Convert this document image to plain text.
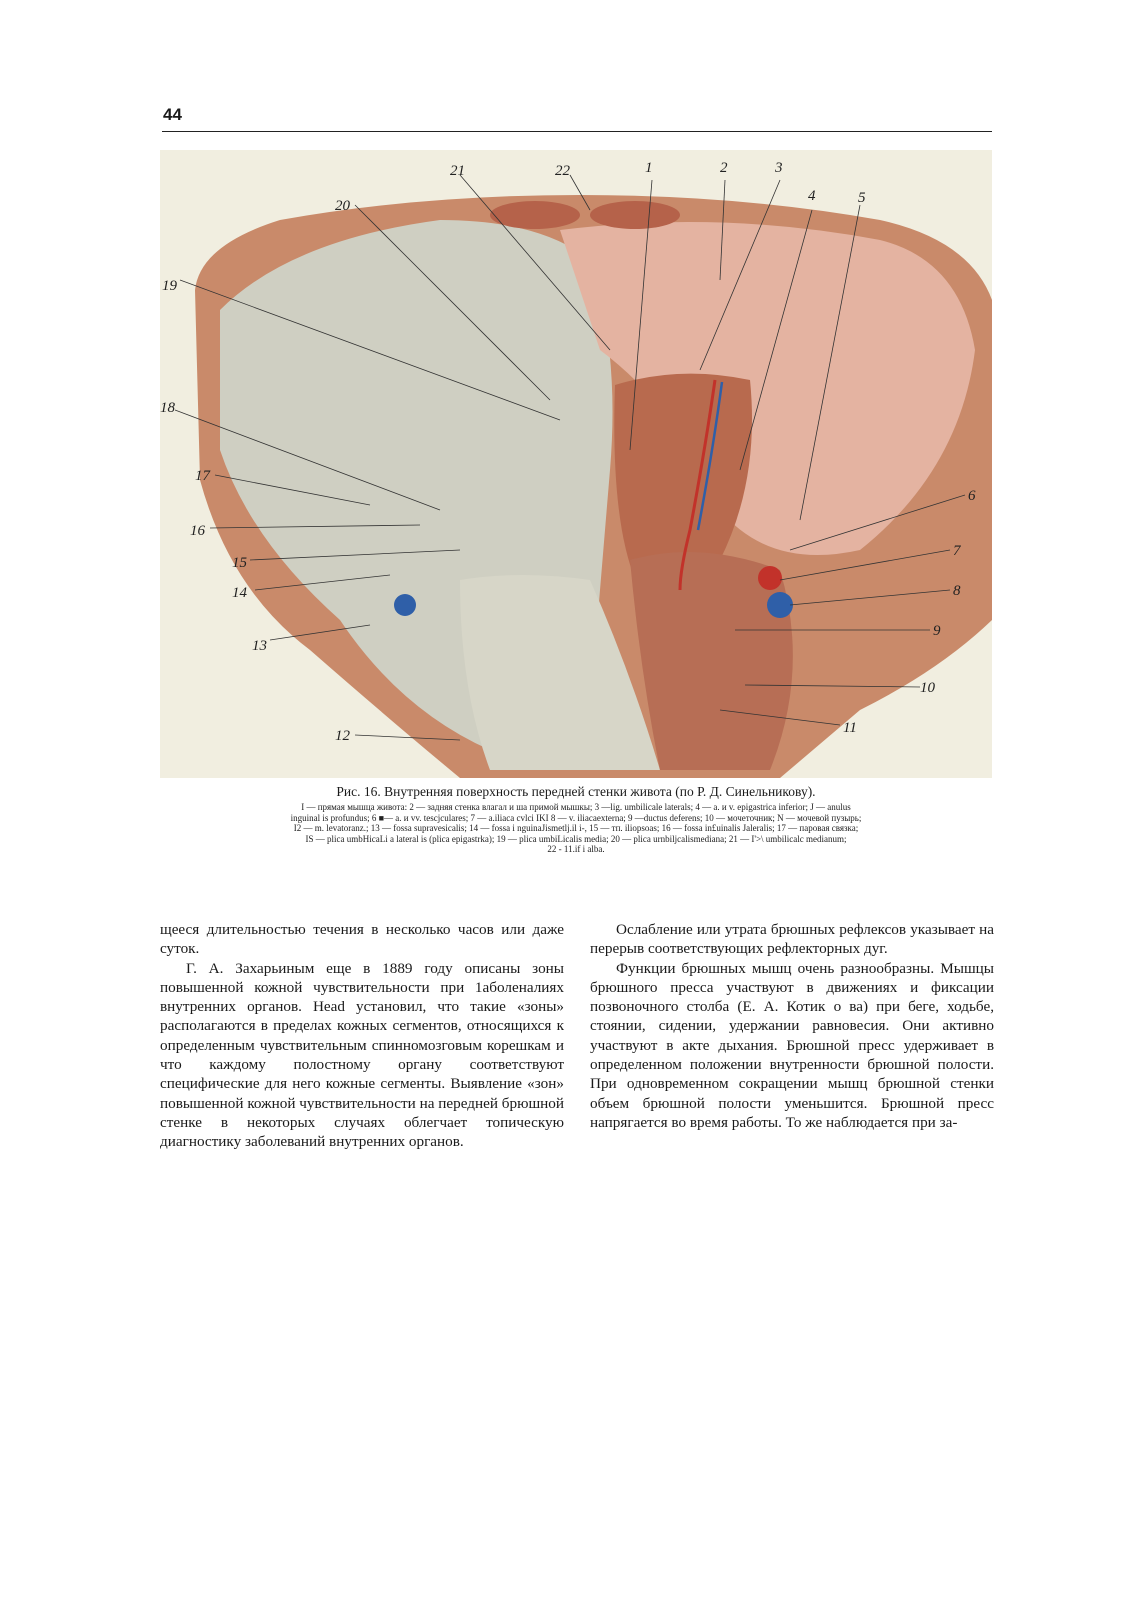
44
1	2	3
4	5
6
7
8
9
10
11
12
13
14
15
16
17
18
19
20
21	22

Рис. 16. Внутренняя поверхность передней стенки живота (по Р. Д. Синельникову).

I — прямая мышца живота: 2 — задняя стенка влагал и ша примой мышкы; 3 —lig. umbilicale laterals; 4 — a. и v. epigastrica inferior; J — anulus

inguinal is profundus; 6 ■— a. и vv. tescjculares; 7 — a.iliaca cvlci IKI 8 — v. iliacaexterna; 9 —ductus deferens; 10 — мочеточник; N — мочевой пузырь;

I2 — m. levatoranz.; 13 — fossa supravesicalis; 14 — fossa i nguinaJismetlj.il i-, 15 — тп. iliopsoas; 16 — fossa in£uinalis Jaleralis; 17 — паровая связка;

IS — plica umbHicaLi a lateral is (plica epigastrka); 19 — plica umbiLicalis media; 20 — plica urnbiljcalismediana; 21 — I'>\ umbilicalc medianum;

22 - 11.if i alba.

щееся длительностью течения в несколько часов или даже суток.

Г. А. Захарьиным еще в 1889 году описаны зоны повышенной кожной чувствительности при 1аболеналиях внутренних органов. Head установил, что такие «зоны» располагаются в пределах кожных сегментов, относящихся к определенным чувствительным спинномозговым корешкам и что каждому полостному органу соответствуют специфические для него кожные сегменты. Выявление «зон» повышенной кожной чувствительности на передней брюшной стенке в некоторых случаях облегчает топическую диагностику заболеваний внутренних органов.

Ослабление или утрата брюшных рефлексов указывает на перерыв соответствующих рефлекторных дуг.

Функции брюшных мышц очень разнообразны. Мышцы брюшного пресса участвуют в движениях и фиксации позвоночного столба (Е. А. Котик о ва) при беге, ходьбе, стоянии, сидении, удержании равновесия. Они активно участвуют в акте дыхания. Брюшной пресс удерживает в определенном положении внутренности брюшной полости. При одновременном сокращении мышц брюшной стенки объем брюшной полости уменьшится. Брюшной пресс напрягается во время работы. То же наблюдается при за-
